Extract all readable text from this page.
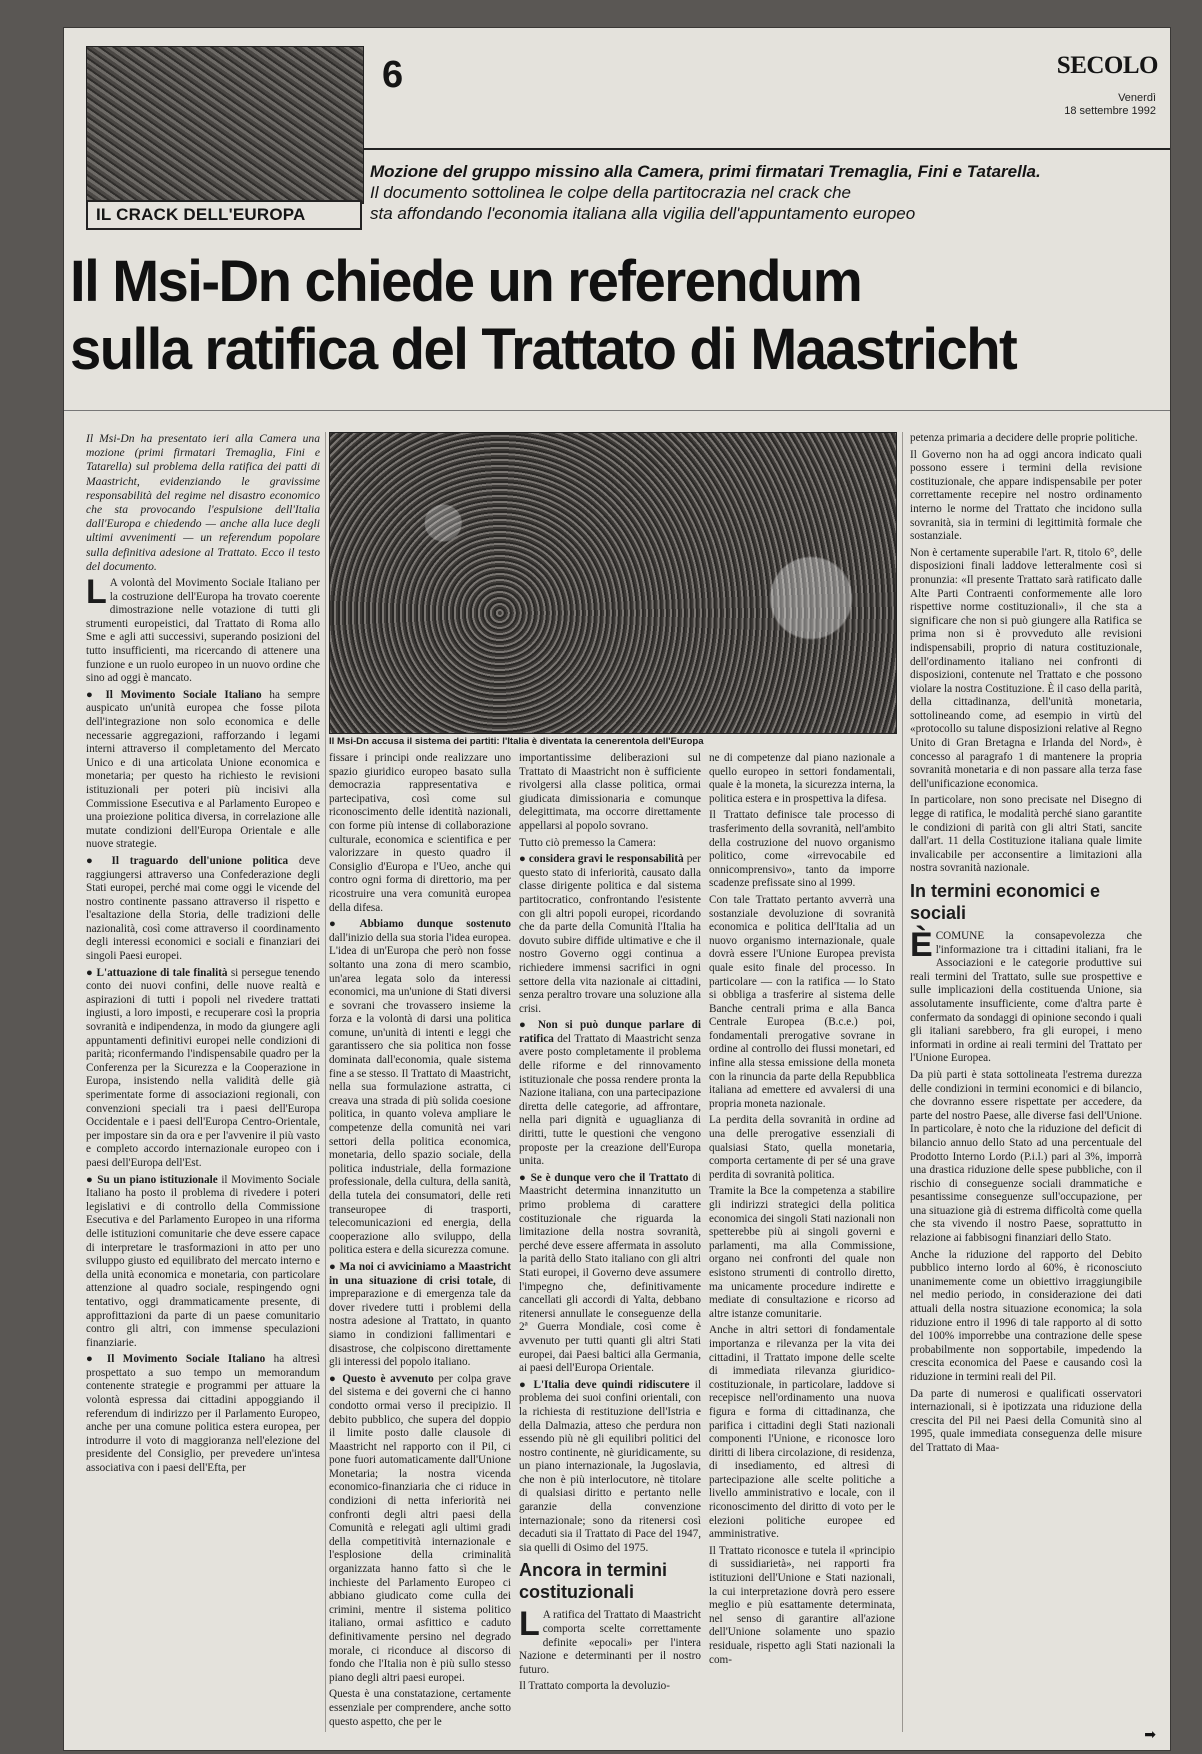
IL CRACK DELL'EUROPA
6	SECOLO
Venerdì
18 settembre 1992
Mozione del gruppo missino alla Camera, primi firmatari Tremaglia, Fini e Tatarella.
Il documento sottolinea le colpe della partitocrazia nel crack che
sta affondando l'economia italiana alla vigilia dell'appuntamento europeo
Il Msi-Dn chiede un referendum
sulla ratifica del Trattato di Maastricht

Il Msi-Dn ha presentato ieri alla Camera una mozione (primi firmatari Tremaglia, Fini e Tatarella) sul problema della ratifica dei patti di Maastricht, evidenziando le gravissime responsabilità del regime nel disastro economico che sta provocando l'espulsione dell'Italia dall'Europa e chiedendo — anche alla luce degli ultimi avvenimenti — un referendum popolare sulla definitiva adesione al Trattato. Ecco il testo del documento.

L A volontà del Movimento Sociale Italiano per la costruzione dell'Europa ha trovato coerente dimostrazione nelle votazione di tutti gli strumenti europeistici, dal Trattato di Roma allo Sme e agli atti successivi, superando posizioni del tutto insufficienti, ma ricercando di attenere una funzione e un ruolo europeo in un nuovo ordine che sino ad oggi è mancato.

● Il Movimento Sociale Italiano ha sempre auspicato un'unità europea che fosse pilota dell'integrazione non solo economica e delle necessarie aggregazioni, rafforzando i legami interni attraverso il completamento del Mercato Unico e di una articolata Unione economica e monetaria; per questo ha richiesto le revisioni istituzionali per poteri più incisivi alla Commissione Esecutiva e al Parlamento Europeo e una proiezione politica diversa, in correlazione alle mutate condizioni dell'Europa Orientale e alle nuove strategie.

● Il traguardo dell'unione politica deve raggiungersi attraverso una Confederazione degli Stati europei, perché mai come oggi le vicende del nostro continente passano attraverso il rispetto e l'esaltazione della Storia, delle tradizioni delle nazionalità, così come attraverso il coordinamento degli interessi economici e sociali e finanziari dei singoli Paesi europei.

● L'attuazione di tale finalità si persegue tenendo conto dei nuovi confini, delle nuove realtà e aspirazioni di tutti i popoli nel rivedere trattati ingiusti, a loro imposti, e recuperare così la propria sovranità e indipendenza, in modo da giungere agli appuntamenti definitivi europei nelle condizioni di parità; riconfermando l'indispensabile quadro per la Conferenza per la Sicurezza e la Cooperazione in Europa, insistendo nella validità delle già sperimentate forme di associazioni regionali, con convenzioni speciali tra i paesi dell'Europa Occidentale e i paesi dell'Europa Centro-Orientale, per impostare sin da ora e per l'avvenire il più vasto e completo accordo internazionale europeo con i paesi dell'Europa dell'Est.

● Su un piano istituzionale il Movimento Sociale Italiano ha posto il problema di rivedere i poteri legislativi e di controllo della Commissione Esecutiva e del Parlamento Europeo in una riforma delle istituzioni comunitarie che deve essere capace di interpretare le trasformazioni in atto per uno sviluppo giusto ed equilibrato del mercato interno e della unità economica e monetaria, con particolare attenzione al quadro sociale, respingendo ogni tentativo, oggi drammaticamente presente, di approfittazioni da parte di un paese comunitario contro gli altri, con immense speculazioni finanziarie.

● Il Movimento Sociale Italiano ha altresì prospettato a suo tempo un memorandum contenente strategie e programmi per attuare la volontà espressa dai cittadini appoggiando il referendum di indirizzo per il Parlamento Europeo, anche per una comune politica estera europea, per introdurre il voto di maggioranza nell'elezione del presidente del Consiglio, per prevedere un'intesa associativa con i paesi dell'Efta, per

Il Msi-Dn accusa il sistema dei partiti: l'Italia è diventata la cenerentola dell'Europa

fissare i principi onde realizzare uno spazio giuridico europeo basato sulla democrazia rappresentativa e partecipativa, così come sul riconoscimento delle identità nazionali, con forme più intense di collaborazione culturale, economica e scientifica e per valorizzare in questo quadro il Consiglio d'Europa e l'Ueo, anche qui contro ogni forma di direttorio, ma per ricostruire una vera comunità europea della difesa.

● Abbiamo dunque sostenuto dall'inizio della sua storia l'idea europea. L'idea di un'Europa che però non fosse soltanto una zona di mero scambio, un'area legata solo da interessi economici, ma un'unione di Stati diversi e sovrani che trovassero insieme la forza e la volontà di darsi una politica comune, un'unità di intenti e leggi che garantissero che sia politica non fosse dominata dall'economia, quale sistema fine a se stesso. Il Trattato di Maastricht, nella sua formulazione astratta, ci creava una strada di più solida coesione politica, in quanto voleva ampliare le competenze della comunità nei vari settori della politica economica, monetaria, dello spazio sociale, della politica industriale, della formazione professionale, della cultura, della sanità, della tutela dei consumatori, delle reti transeuropee di trasporti, telecomunicazioni ed energia, della cooperazione allo sviluppo, della politica estera e della sicurezza comune.

● Ma noi ci avviciniamo a Maastricht in una situazione di crisi totale, di impreparazione e di emergenza tale da dover rivedere tutti i problemi della nostra adesione al Trattato, in quanto siamo in condizioni fallimentari e disastrose, che colpiscono direttamente gli interessi del popolo italiano.

● Questo è avvenuto per colpa grave del sistema e dei governi che ci hanno condotto ormai verso il precipizio. Il debito pubblico, che supera del doppio il limite posto dalle clausole di Maastricht nel rapporto con il Pil, ci pone fuori automaticamente dall'Unione Monetaria; la nostra vicenda economico-finanziaria che ci riduce in condizioni di netta inferiorità nei confronti degli altri paesi della Comunità e relegati agli ultimi gradi della competitività internazionale e l'esplosione della criminalità organizzata hanno fatto sì che le inchieste del Parlamento Europeo ci abbiano giudicato come culla dei crimini, mentre il sistema politico italiano, ormai asfittico e caduto definitivamente persino nel degrado morale, ci riconduce al discorso di fondo che l'Italia non è più sullo stesso piano degli altri paesi europei.

Questa è una constatazione, certamente essenziale per comprendere, anche sotto questo aspetto, che per le

importantissime deliberazioni sul Trattato di Maastricht non è sufficiente rivolgersi alla classe politica, ormai giudicata dimissionaria e comunque delegittimata, ma occorre direttamente appellarsi al popolo sovrano.

Tutto ciò premesso la Camera:

● considera gravi le responsabilità per questo stato di inferiorità, causato dalla classe dirigente politica e dal sistema partitocratico, confrontando l'esistente con gli altri popoli europei, ricordando che da parte della Comunità l'Italia ha dovuto subire diffide ultimative e che il nostro Governo oggi continua a richiedere immensi sacrifici in ogni settore della vita nazionale ai cittadini, senza peraltro trovare una soluzione alla crisi.

● Non si può dunque parlare di ratifica del Trattato di Maastricht senza avere posto completamente il problema delle riforme e del rinnovamento istituzionale che possa rendere pronta la Nazione italiana, con una partecipazione diretta delle categorie, ad affrontare, nella pari dignità e uguaglianza di diritti, tutte le questioni che vengono proposte per la creazione dell'Europa unita.

● Se è dunque vero che il Trattato di Maastricht determina innanzitutto un primo problema di carattere costituzionale che riguarda la limitazione della nostra sovranità, perché deve essere affermata in assoluto la parità dello Stato italiano con gli altri Stati europei, il Governo deve assumere l'impegno che, definitivamente cancellati gli accordi di Yalta, debbano ritenersi annullate le conseguenze della 2ª Guerra Mondiale, così come è avvenuto per tutti quanti gli altri Stati europei, dai Paesi baltici alla Germania, ai paesi dell'Europa Orientale.

● L'Italia deve quindi ridiscutere il problema dei suoi confini orientali, con la richiesta di restituzione dell'Istria e della Dalmazia, atteso che perdura non essendo più nè gli equilibri politici del nostro continente, nè giuridicamente, su un piano internazionale, la Jugoslavia, che non è più interlocutore, nè titolare di qualsiasi diritto e pertanto nelle garanzie della convenzione internazionale; sono da ritenersi così decaduti sia il Trattato di Pace del 1947, sia quelli di Osimo del 1975.

Ancora in termini costituzionali

L A ratifica del Trattato di Maastricht comporta scelte correttamente definite «epocali» per l'intera Nazione e determinanti per il nostro futuro.

Il Trattato comporta la devoluzio-

ne di competenze dal piano nazionale a quello europeo in settori fondamentali, quale è la moneta, la sicurezza interna, la politica estera e in prospettiva la difesa.

Il Trattato definisce tale processo di trasferimento della sovranità, nell'ambito della costruzione del nuovo organismo politico, come «irrevocabile ed onnicomprensivo», tanto da imporre scadenze prefissate sino al 1999.

Con tale Trattato pertanto avverrà una sostanziale devoluzione di sovranità economica e politica dell'Italia ad un nuovo organismo internazionale, quale dovrà essere l'Unione Europea prevista quale esito finale del processo. In particolare — con la ratifica — lo Stato si obbliga a trasferire al sistema delle Banche centrali prima e alla Banca Centrale Europea (B.c.e.) poi, fondamentali prerogative sovrane in ordine al controllo dei flussi monetari, ed infine alla stessa emissione della moneta con la rinuncia da parte della Repubblica italiana ad emettere ed avvalersi di una propria moneta nazionale.

La perdita della sovranità in ordine ad una delle prerogative essenziali di qualsiasi Stato, quella monetaria, comporta certamente di per sé una grave perdita di sovranità politica.

Tramite la Bce la competenza a stabilire gli indirizzi strategici della politica economica dei singoli Stati nazionali non spetterebbe più ai singoli governi e parlamenti, ma alla Commissione, organo nei confronti del quale non esistono strumenti di controllo diretto, ma unicamente procedure indirette e mediate di consultazione e ricorso ad altre istanze comunitarie.

Anche in altri settori di fondamentale importanza e rilevanza per la vita dei cittadini, il Trattato impone delle scelte di immediata rilevanza giuridico-costituzionale, in particolare, laddove si recepisce nell'ordinamento una nuova figura e forma di cittadinanza, che parifica i cittadini degli Stati nazionali componenti l'Unione, e riconosce loro diritti di libera circolazione, di residenza, di insediamento, ed altresì di partecipazione alle scelte politiche a livello amministrativo e locale, con il riconoscimento del diritto di voto per le elezioni politiche europee ed amministrative.

Il Trattato riconosce e tutela il «principio di sussidiarietà», nei rapporti fra istituzioni dell'Unione e Stati nazionali, la cui interpretazione dovrà pero essere meglio e più esattamente determinata, nel senso di garantire all'azione dell'Unione solamente uno spazio residuale, rispetto agli Stati nazionali la com-

petenza primaria a decidere delle proprie politiche.

Il Governo non ha ad oggi ancora indicato quali possono essere i termini della revisione costituzionale, che appare indispensabile per poter correttamente recepire nel nostro ordinamento interno le norme del Trattato che incidono sulla sovranità, sia in termini di legittimità formale che sostanziale.

Non è certamente superabile l'art. R, titolo 6°, delle disposizioni finali laddove letteralmente così si pronunzia: «Il presente Trattato sarà ratificato dalle Alte Parti Contraenti conformemente alle loro rispettive norme costituzionali», il che sta a significare che non si può giungere alla Ratifica se prima non si è provveduto alle revisioni indispensabili, proprio di natura costituzionale, dell'ordinamento italiano nei confronti di disposizioni, contenute nel Trattato e che possono violare la nostra Costituzione. È il caso della parità, della cittadinanza, dell'unità monetaria, sottolineando come, ad esempio in virtù del «protocollo su talune disposizioni relative al Regno Unito di Gran Bretagna e Irlanda del Nord», è concesso al paragrafo 1 di mantenere la propria sovranità monetaria e di non passare alla terza fase dell'unificazione economica.

In particolare, non sono precisate nel Disegno di legge di ratifica, le modalità perché siano garantite le condizioni di parità con gli altri Stati, sancite dall'art. 11 della Costituzione italiana quale limite invalicabile per acconsentire a limitazioni alla nostra sovranità nazionale.

In termini economici e sociali

ÈCOMUNE la consapevolezza che l'informazione tra i cittadini italiani, fra le Associazioni e le categorie produttive sui reali termini del Trattato, sulle sue prospettive e sulle implicazioni della costituenda Unione, sia assolutamente insufficiente, come d'altra parte è confermato da sondaggi di opinione secondo i quali gli italiani sarebbero, fra gli europei, i meno informati in ordine ai reali termini del Trattato per l'Unione Europea.

Da più parti è stata sottolineata l'estrema durezza delle condizioni in termini economici e di bilancio, che dovranno essere rispettate per accedere, da parte del nostro Paese, alle diverse fasi dell'Unione. In particolare, è noto che la riduzione del deficit di bilancio annuo dello Stato ad una percentuale del Prodotto Interno Lordo (P.i.l.) pari al 3%, imporrà una drastica riduzione delle spese pubbliche, con il rischio di conseguenze sociali drammatiche e pesantissime conseguenze sull'occupazione, per una situazione già di estrema difficoltà come quella che sta vivendo il nostro Paese, soprattutto in relazione ai fabbisogni finanziari dello Stato.

Anche la riduzione del rapporto del Debito pubblico interno lordo al 60%, è riconosciuto unanimemente come un obiettivo irraggiungibile nel medio periodo, in considerazione dei dati attuali della nostra situazione economica; la sola riduzione entro il 1996 di tale rapporto al di sotto del 100% imporrebbe una contrazione delle spese probabilmente non sopportabile, impedendo la crescita economica del Paese e causando così la riduzione in termini reali del Pil.

Da parte di numerosi e qualificati osservatori internazionali, si è ipotizzata una riduzione della crescita del Pil nei Paesi della Comunità sino al 1995, quale immediata conseguenza delle misure del Trattato di Maa-

➡
